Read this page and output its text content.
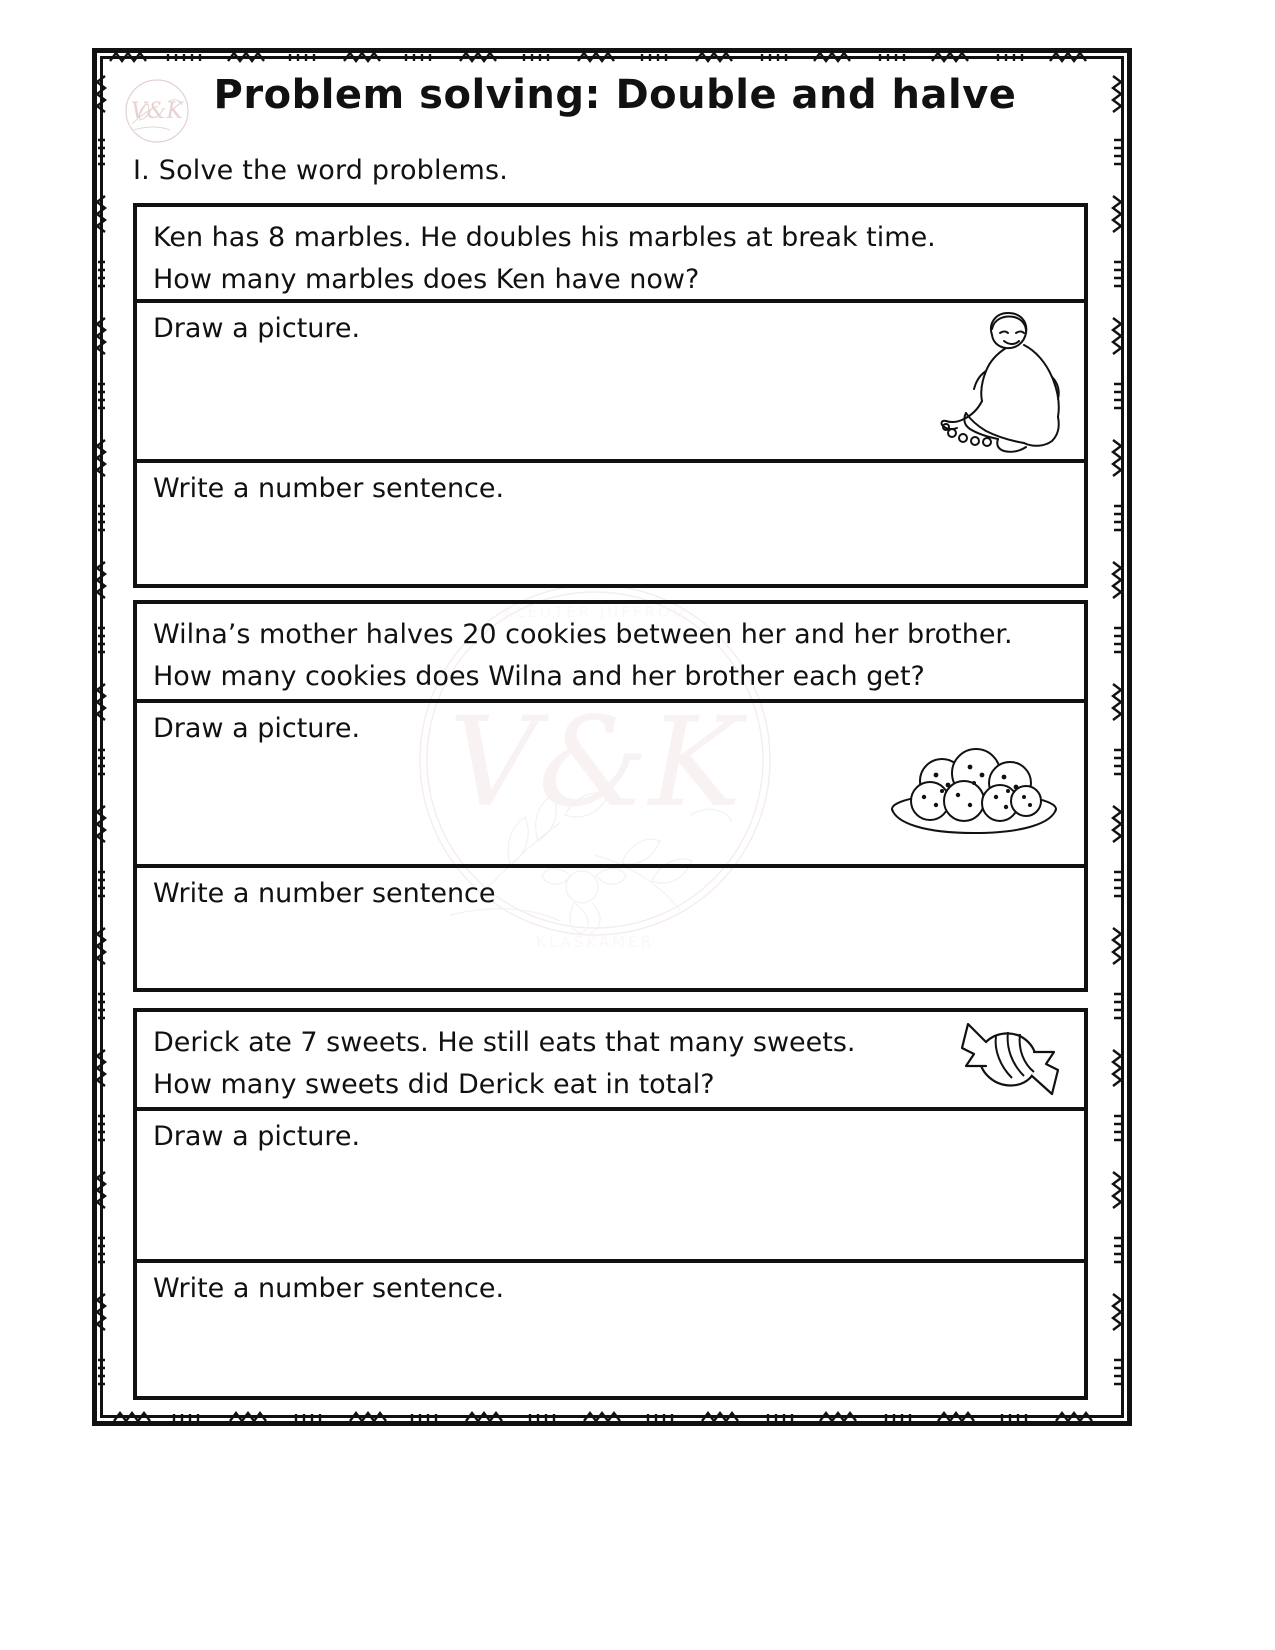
V&K
KLEUTER JUFFROU
KLASKAMER
V&K Problem solving: Double and halve
I. Solve the word problems.
Ken has 8 marbles. He doubles his marbles at break time.
How many marbles does Ken have now?
Draw a picture.
Write a number sentence.
Wilna’s mother halves 20 cookies between her and her brother.
How many cookies does Wilna and her brother each get?
Draw a picture.
Write a number sentence
Derick ate 7 sweets. He still eats that many sweets.
How many sweets did Derick eat in total?
Draw a picture.
Write a number sentence.
